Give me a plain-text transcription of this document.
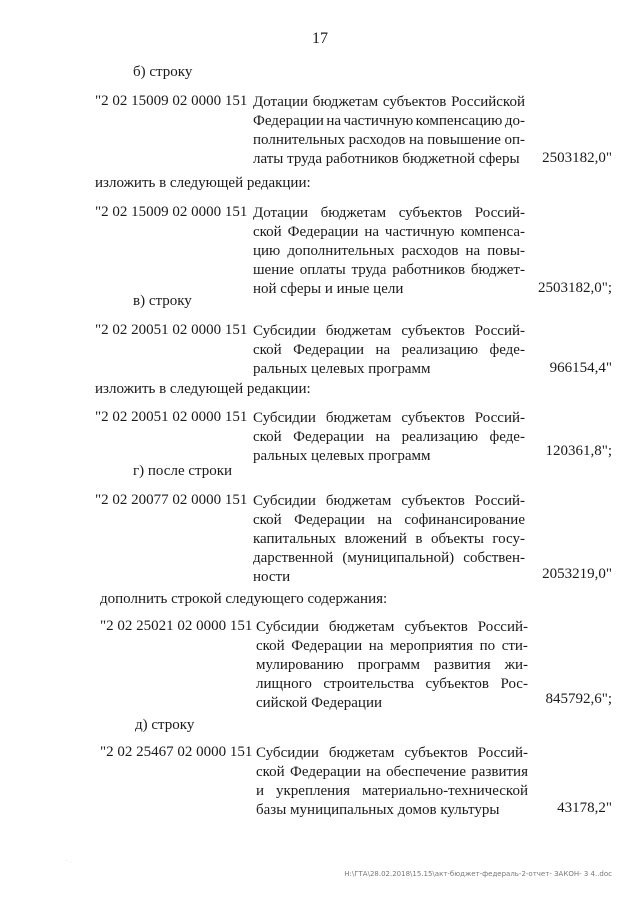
17
б) строку
"2 02 15009 02 0000 151 Дотации бюджетам субъектов Российской
Федерации на частичную компенсацию до-
полнительных расходов на повышение оп-
латы труда работников бюджетной сферы	2503182,0"
изложить в следующей редакции:
"2 02 15009 02 0000 151 Дотации бюджетам субъектов Россий-
ской Федерации на частичную компенса-
цию дополнительных расходов на повы-
шение оплаты труда работников бюджет-
ной сферы и иные цели	2503182,0";
в) строку
"2 02 20051 02 0000 151 Субсидии бюджетам субъектов Россий-
ской Федерации на реализацию феде-
ральных целевых программ	966154,4"
изложить в следующей редакции:
"2 02 20051 02 0000 151 Субсидии бюджетам субъектов Россий-
ской Федерации на реализацию феде-
ральных целевых программ	120361,8";
г) после строки
"2 02 20077 02 0000 151 Субсидии бюджетам субъектов Россий-
ской Федерации на софинансирование
капитальных вложений в объекты госу-
дарственной (муниципальной) собствен-
ности	2053219,0"
дополнить строкой следующего содержания:
"2 02 25021 02 0000 151 Субсидии бюджетам субъектов Россий-
ской Федерации на мероприятия по сти-
мулированию программ развития жи-
лищного строительства субъектов Рос-
сийской Федерации	845792,6";
д) строку
"2 02 25467 02 0000 151 Субсидии бюджетам субъектов Россий-
ской Федерации на обеспечение развития
и укрепления материально-технической
базы муниципальных домов культуры	43178,2"
· .
H:\ГТА\28.02.2018\15.15\акт-бюджет-федераль-2-отчет- ЗАКОН- 3 4..doc
